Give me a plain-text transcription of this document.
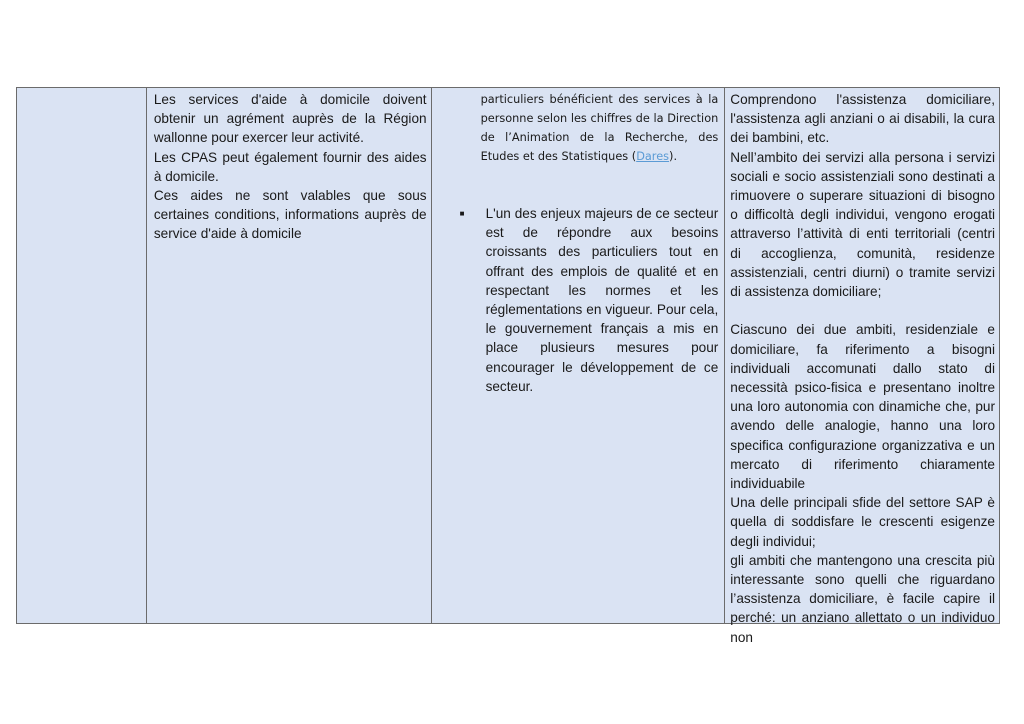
Les services d'aide à domicile doivent obtenir un agrément auprès de la Région wallonne pour exercer leur activité.

Les CPAS peut également fournir des aides à domicile.

Ces aides ne sont valables que sous certaines conditions, informations auprès de service d'aide à domicile

particuliers bénéficient des services à la personne selon les chiffres de la Direction de l’Animation de la Recherche, des Etudes et des Statistiques (Dares).

■	L'un des enjeux majeurs de ce secteur est de répondre aux besoins croissants des particuliers tout en offrant des emplois de qualité et en respectant les normes et les réglementations en vigueur. Pour cela, le gouvernement français a mis en place plusieurs mesures pour encourager le développement de ce secteur.

Comprendono l'assistenza domiciliare, l'assistenza agli anziani o ai disabili, la cura dei bambini, etc.

Nell’ambito dei servizi alla persona i servizi sociali e socio assistenziali sono destinati a rimuovere o superare situazioni di bisogno o difficoltà degli individui, vengono erogati attraverso l’attività di enti territoriali (centri di accoglienza, comunità, residenze assistenziali, centri diurni) o tramite servizi di assistenza domiciliare;

Ciascuno dei due ambiti, residenziale e domiciliare, fa riferimento a bisogni individuali accomunati dallo stato di necessità psico-fisica e presentano inoltre una loro autonomia con dinamiche che, pur avendo delle analogie, hanno una loro specifica configurazione organizzativa e un mercato di riferimento chiaramente individuabile

Una delle principali sfide del settore SAP è quella di soddisfare le crescenti esigenze degli individui;

gli ambiti che mantengono una crescita più interessante sono quelli che riguardano l’assistenza domiciliare, è facile capire il perché: un anziano allettato o un individuo non
